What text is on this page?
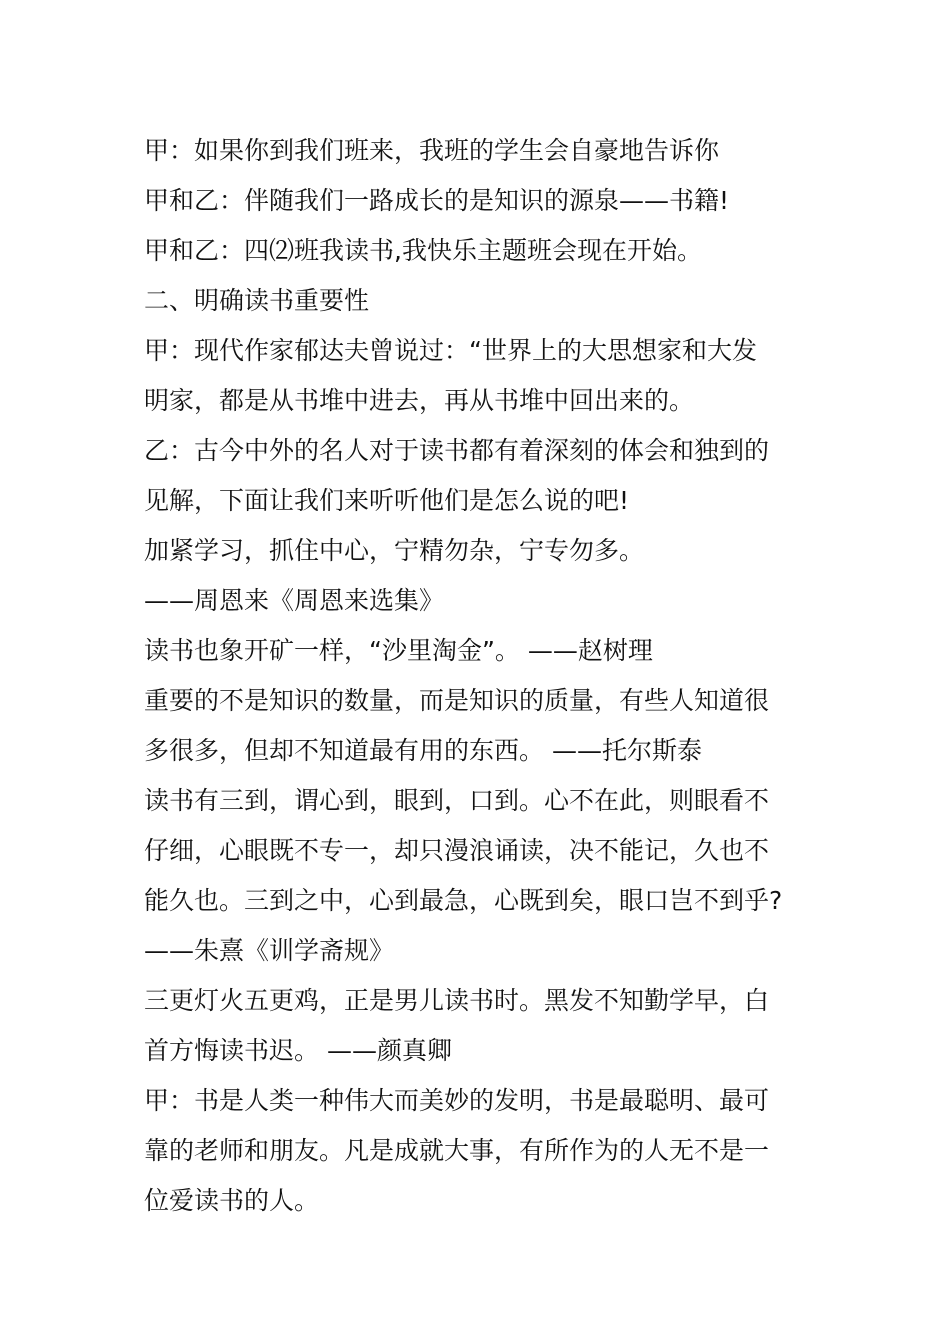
甲：如果你到我们班来，我班的学生会自豪地告诉你
甲和乙：伴随我们一路成长的是知识的源泉——书籍!
甲和乙：四⑵班我读书,我快乐主题班会现在开始。
二、明确读书重要性
甲：现代作家郁达夫曾说过：“世界上的大思想家和大发
明家，都是从书堆中进去，再从书堆中回出来的。
乙：古今中外的名人对于读书都有着深刻的体会和独到的
见解，下面让我们来听听他们是怎么说的吧!
加紧学习，抓住中心，宁精勿杂，宁专勿多。
——周恩来《周恩来选集》
读书也象开矿一样，“沙里淘金”。 ——赵树理
重要的不是知识的数量，而是知识的质量，有些人知道很
多很多，但却不知道最有用的东西。 ——托尔斯泰
读书有三到，谓心到，眼到，口到。心不在此，则眼看不
仔细，心眼既不专一，却只漫浪诵读，决不能记，久也不
能久也。三到之中，心到最急，心既到矣，眼口岂不到乎?
——朱熹《训学斋规》
三更灯火五更鸡，正是男儿读书时。黑发不知勤学早，白
首方悔读书迟。 ——颜真卿
甲：书是人类一种伟大而美妙的发明，书是最聪明、最可
靠的老师和朋友。凡是成就大事，有所作为的人无不是一
位爱读书的人。
